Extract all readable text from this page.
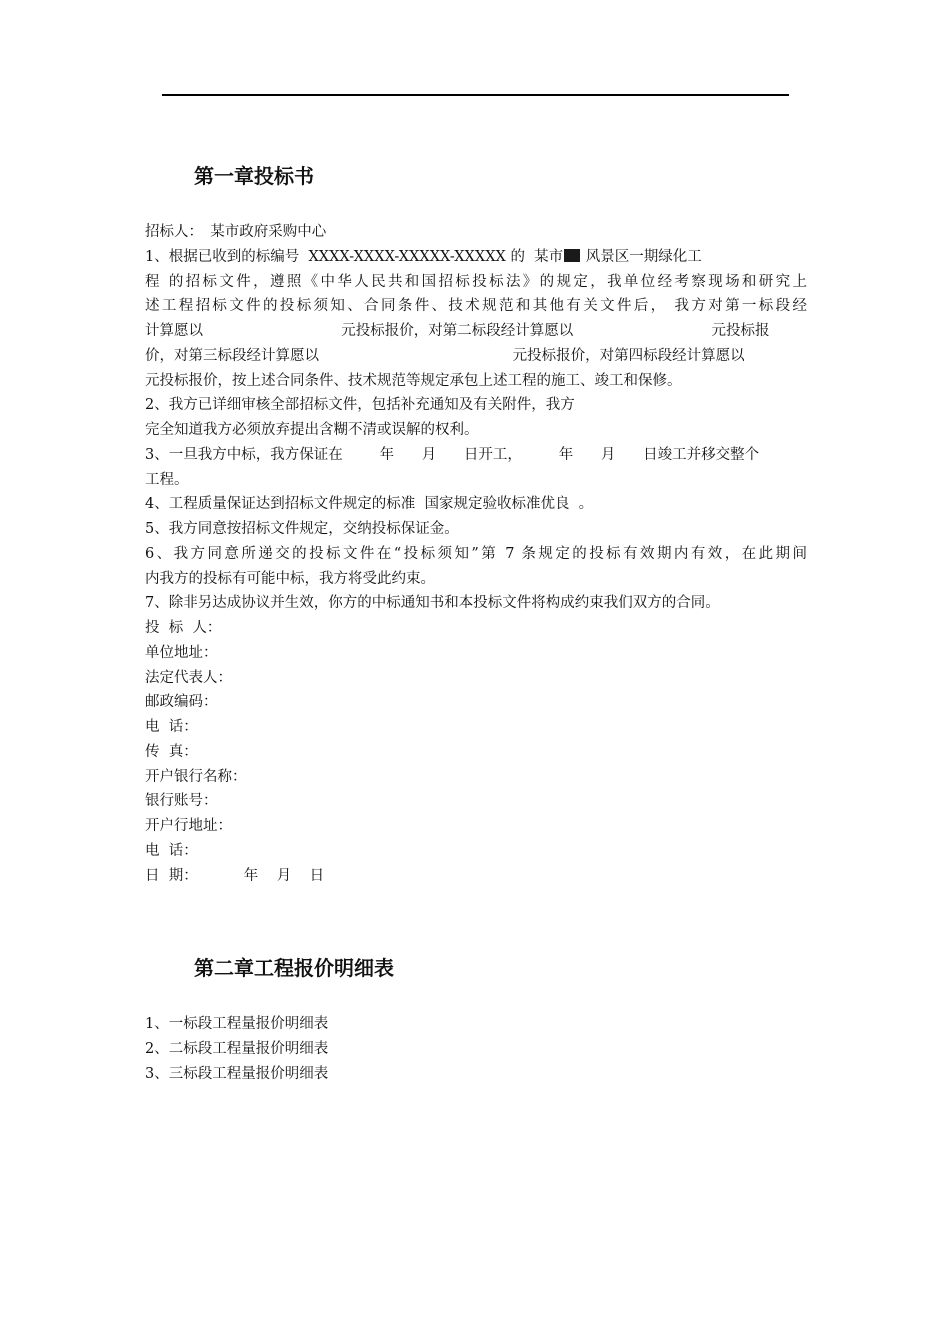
第一章投标书
招标人：　某市政府采购中心
1、根据已收到的标编号  XXXX-XXXX-XXXXX-XXXXX 的  某市 风景区一期绿化工
程 的招标文件，遵照《中华人民共和国招标投标法》的规定，我单位经考察现场和研究上
述工程招标文件的投标须知、合同条件、技术规范和其他有关文件后， 我方对第一标段经
计算愿以                              元投标报价，对第二标段经计算愿以                              元投标报
价，对第三标段经计算愿以                                          元投标报价，对第四标段经计算愿以
元投标报价，按上述合同条件、技术规范等规定承包上述工程的施工、竣工和保修。
2、我方已详细审核全部招标文件，包括补充通知及有关附件，我方
完全知道我方必须放弃提出含糊不清或误解的权利。
3、一旦我方中标，我方保证在        年      月      日开工，        年      月      日竣工并移交整个
工程。
4、工程质量保证达到招标文件规定的标准  国家规定验收标准优良  。
5、我方同意按招标文件规定，交纳投标保证金。
6、我方同意所递交的投标文件在“投标须知”第 7 条规定的投标有效期内有效，在此期间
内我方的投标有可能中标，我方将受此约束。
7、除非另达成协议并生效，你方的中标通知书和本投标文件将构成约束我们双方的合同。
投  标  人：
单位地址：
法定代表人：
邮政编码：
电  话：
传  真：
开户银行名称：
银行账号：
开户行地址：
电  话：
日  期：          年    月    日
第二章工程报价明细表
1、一标段工程量报价明细表
2、二标段工程量报价明细表
3、三标段工程量报价明细表
